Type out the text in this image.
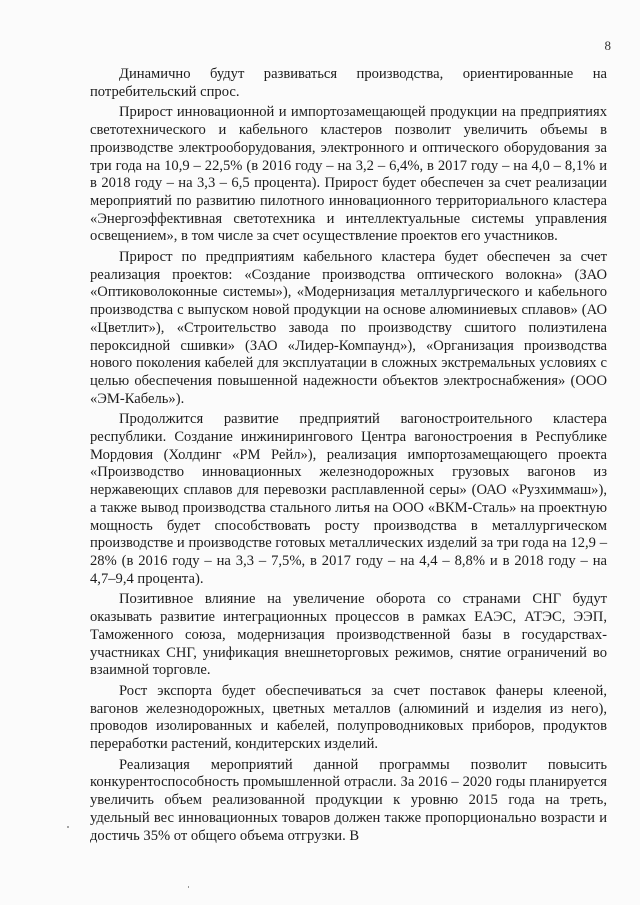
8

Динамично будут развиваться производства, ориентированные на потребительский спрос.

Прирост инновационной и импортозамещающей продукции на предприятиях светотехнического и кабельного кластеров позволит увеличить объемы в производстве электрооборудования, электронного и оптического оборудования за три года на 10,9 – 22,5% (в 2016 году – на 3,2 – 6,4%, в 2017 году – на 4,0 – 8,1% и в 2018 году – на 3,3 – 6,5 процента). Прирост будет обеспечен за счет реализации мероприятий по развитию пилотного инновационного территориального кластера «Энергоэффективная светотехника и интеллектуальные системы управления освещением», в том числе за счет осуществление проектов его участников.

Прирост по предприятиям кабельного кластера будет обеспечен за счет реализация проектов: «Создание производства оптического волокна» (ЗАО «Оптиковолоконные системы»), «Модернизация металлургического и кабельного производства с выпуском новой продукции на основе алюминиевых сплавов» (АО «Цветлит»), «Строительство завода по производству сшитого полиэтилена пероксидной сшивки» (ЗАО «Лидер-Компаунд»), «Организация производства нового поколения кабелей для эксплуатации в сложных экстремальных условиях с целью обеспечения повышенной надежности объектов электроснабжения» (ООО «ЭМ-Кабель»).

Продолжится развитие предприятий вагоностроительного кластера республики. Создание инжинирингового Центра вагоностроения в Республике Мордовия (Холдинг «РМ Рейл»), реализация импортозамещающего проекта «Производство инновационных железнодорожных грузовых вагонов из нержавеющих сплавов для перевозки расплавленной серы» (ОАО «Рузхиммаш»), а также вывод производства стального литья на ООО «ВКМ-Сталь» на проектную мощность будет способствовать росту производства в металлургическом производстве и производстве готовых металлических изделий за три года на 12,9 – 28% (в 2016 году – на 3,3 – 7,5%, в 2017 году – на 4,4 – 8,8% и в 2018 году – на 4,7–9,4 процента).

Позитивное влияние на увеличение оборота со странами СНГ будут оказывать развитие интеграционных процессов в рамках ЕАЭС, АТЭС, ЭЭП, Таможенного союза, модернизация производственной базы в государствах-участниках СНГ, унификация внешнеторговых режимов, снятие ограничений во взаимной торговле.

Рост экспорта будет обеспечиваться за счет поставок фанеры клееной, вагонов железнодорожных, цветных металлов (алюминий и изделия из него), проводов изолированных и кабелей, полупроводниковых приборов, продуктов переработки растений, кондитерских изделий.

Реализация мероприятий данной программы позволит повысить конкурентоспособность промышленной отрасли. За 2016 – 2020 годы планируется увеличить объем реализованной продукции к уровню 2015 года на треть, удельный вес инновационных товаров должен также пропорционально возрасти и достичь 35% от общего объема отгрузки. В
